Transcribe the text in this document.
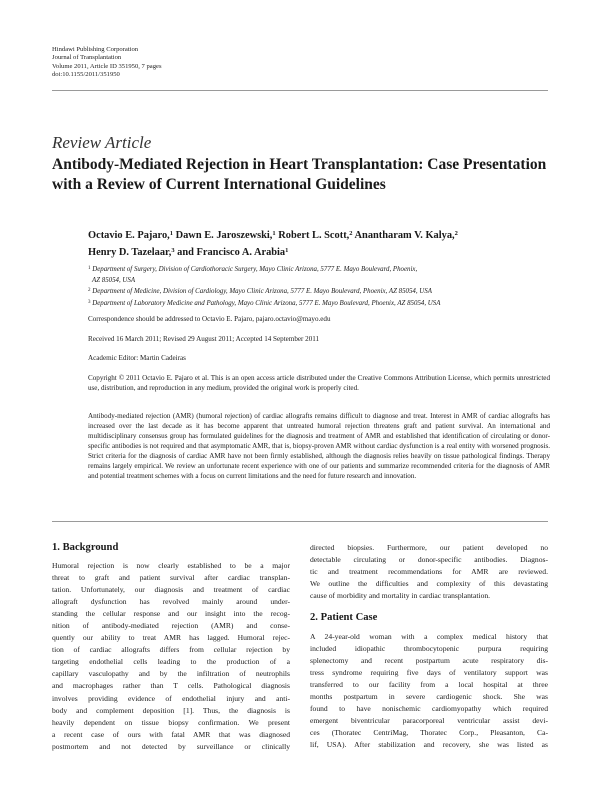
Hindawi Publishing Corporation
Journal of Transplantation
Volume 2011, Article ID 351950, 7 pages
doi:10.1155/2011/351950
Review Article
Antibody-Mediated Rejection in Heart Transplantation: Case Presentation with a Review of Current International Guidelines
Octavio E. Pajaro,$^1$ Dawn E. Jaroszewski,$^1$ Robert L. Scott,$^2$ Anantharam V. Kalya,$^2$
Henry D. Tazelaar,$^3$ and Francisco A. Arabia$^1$
$^1$ Department of Surgery, Division of Cardiothoracic Surgery, Mayo Clinic Arizona, 5777 E. Mayo Boulevard, Phoenix,
AZ 85054, USA
$^2$ Department of Medicine, Division of Cardiology, Mayo Clinic Arizona, 5777 E. Mayo Boulevard, Phoenix, AZ 85054, USA
$^3$ Department of Laboratory Medicine and Pathology, Mayo Clinic Arizona, 5777 E. Mayo Boulevard, Phoenix, AZ 85054, USA
Correspondence should be addressed to Octavio E. Pajaro, pajaro.octavio@mayo.edu
Received 16 March 2011; Revised 29 August 2011; Accepted 14 September 2011
Academic Editor: Martin Cadeiras
Copyright © 2011 Octavio E. Pajaro et al. This is an open access article distributed under the Creative Commons Attribution License, which permits unrestricted use, distribution, and reproduction in any medium, provided the original work is properly cited.
Antibody-mediated rejection (AMR) (humoral rejection) of cardiac allografts remains difficult to diagnose and treat. Interest in AMR of cardiac allografts has increased over the last decade as it has become apparent that untreated humoral rejection threatens graft and patient survival. An international and multidisciplinary consensus group has formulated guidelines for the diagnosis and treatment of AMR and established that identification of circulating or donor-specific antibodies is not required and that asymptomatic AMR, that is, biopsy-proven AMR without cardiac dysfunction is a real entity with worsened prognosis. Strict criteria for the diagnosis of cardiac AMR have not been firmly established, although the diagnosis relies heavily on tissue pathological findings. Therapy remains largely empirical. We review an unfortunate recent experience with one of our patients and summarize recommended criteria for the diagnosis of AMR and potential treatment schemes with a focus on current limitations and the need for future research and innovation.
1. Background
Humoral rejection is now clearly established to be a major
threat to graft and patient survival after cardiac transplan-
tation. Unfortunately, our diagnosis and treatment of cardiac
allograft dysfunction has revolved mainly around under-
standing the cellular response and our insight into the recog-
nition of antibody-mediated rejection (AMR) and conse-
quently our ability to treat AMR has lagged. Humoral rejec-
tion of cardiac allografts differs from cellular rejection by
targeting endothelial cells leading to the production of a
capillary vasculopathy and by the infiltration of neutrophils
and macrophages rather than T cells. Pathological diagnosis
involves providing evidence of endothelial injury and anti-
body and complement deposition [1]. Thus, the diagnosis is
heavily dependent on tissue biopsy confirmation. We present
a recent case of ours with fatal AMR that was diagnosed
postmortem and not detected by surveillance or clinically
directed biopsies. Furthermore, our patient developed no
detectable circulating or donor-specific antibodies. Diagnos-
tic and treatment recommendations for AMR are reviewed.
We outline the difficulties and complexity of this devastating
cause of morbidity and mortality in cardiac transplantation.
2. Patient Case
A 24-year-old woman with a complex medical history that
included idiopathic thrombocytopenic purpura requiring
splenectomy and recent postpartum acute respiratory dis-
tress syndrome requiring five days of ventilatory support was
transferred to our facility from a local hospital at three
months postpartum in severe cardiogenic shock. She was
found to have nonischemic cardiomyopathy which required
emergent biventricular paracorporeal ventricular assist devi-
ces (Thoratec CentriMag, Thoratec Corp., Pleasanton, Ca-
lif, USA). After stabilization and recovery, she was listed as
